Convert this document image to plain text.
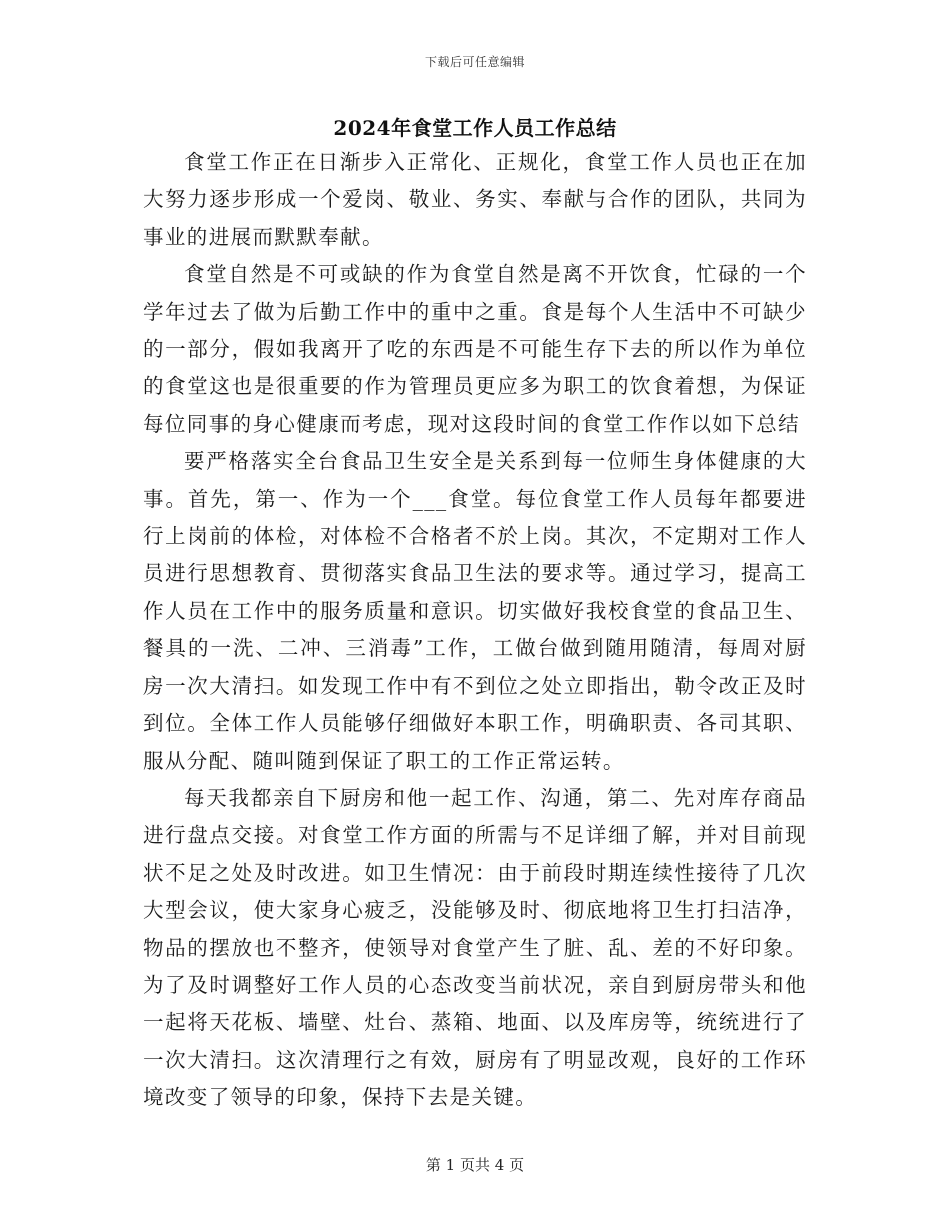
下载后可任意编辑
2024年食堂工作人员工作总结

食堂工作正在日渐步入正常化、正规化，食堂工作人员也正在加大努力逐步形成一个爱岗、敬业、务实、奉献与合作的团队，共同为事业的进展而默默奉献。

食堂自然是不可或缺的作为食堂自然是离不开饮食，忙碌的一个学年过去了做为后勤工作中的重中之重。食是每个人生活中不可缺少的一部分，假如我离开了吃的东西是不可能生存下去的所以作为单位的食堂这也是很重要的作为管理员更应多为职工的饮食着想，为保证每位同事的身心健康而考虑，现对这段时间的食堂工作作以如下总结

要严格落实全台食品卫生安全是关系到每一位师生身体健康的大事。首先，第一、作为一个___食堂。每位食堂工作人员每年都要进行上岗前的体检，对体检不合格者不於上岗。其次，不定期对工作人员进行思想教育、贯彻落实食品卫生法的要求等。通过学习，提高工作人员在工作中的服务质量和意识。切实做好我校食堂的食品卫生、餐具的一洗、二冲、三消毒”工作，工做台做到随用随清，每周对厨房一次大清扫。如发现工作中有不到位之处立即指出，勒令改正及时到位。全体工作人员能够仔细做好本职工作，明确职责、各司其职、服从分配、随叫随到保证了职工的工作正常运转。

每天我都亲自下厨房和他一起工作、沟通，第二、先对库存商品进行盘点交接。对食堂工作方面的所需与不足详细了解，并对目前现状不足之处及时改进。如卫生情况：由于前段时期连续性接待了几次大型会议，使大家身心疲乏，没能够及时、彻底地将卫生打扫洁净，物品的摆放也不整齐，使领导对食堂产生了脏、乱、差的不好印象。为了及时调整好工作人员的心态改变当前状况，亲自到厨房带头和他一起将天花板、墙壁、灶台、蒸箱、地面、以及库房等，统统进行了一次大清扫。这次清理行之有效，厨房有了明显改观，良好的工作环境改变了领导的印象，保持下去是关键。

第 1 页共 4 页
